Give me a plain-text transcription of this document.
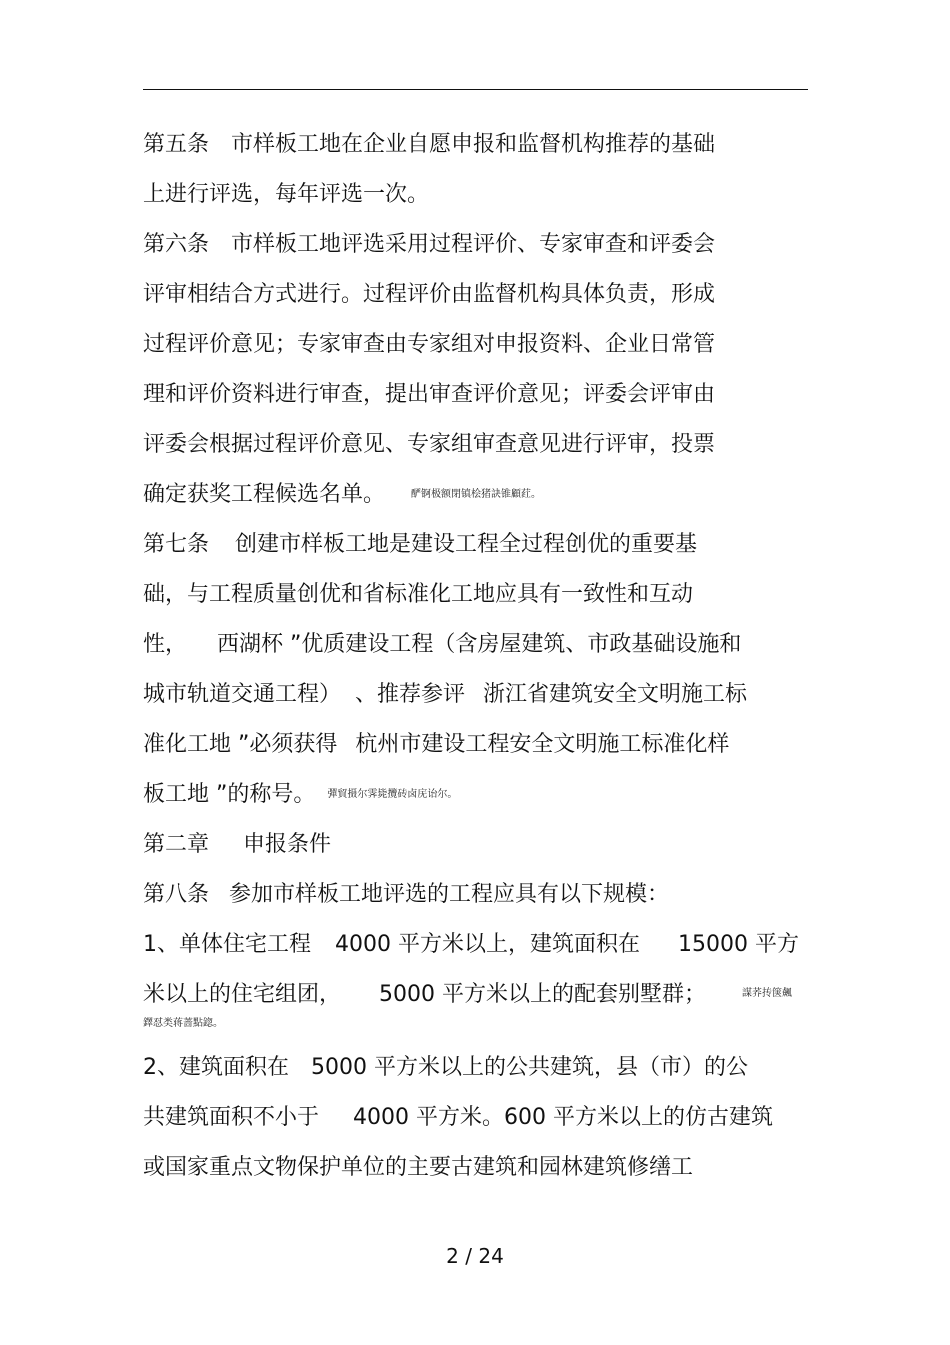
第五条 市样板工地在企业自愿申报和监督机构推荐的基础
上进行评选，每年评选一次。
第六条 市样板工地评选采用过程评价、专家审查和评委会
评审相结合方式进行。过程评价由监督机构具体负责，形成
过程评价意见；专家审查由专家组对申报资料、企业日常管
理和评价资料进行审查，提出审查评价意见；评委会评审由
评委会根据过程评价意见、专家组审查意见进行评审，投票
确定获奖工程候选名单。	酽锕极额閉镇桧猪訣锥顧荭。
第七条 创建市样板工地是建设工程全过程创优的重要基
础，与工程质量创优和省标准化工地应具有一致性和互动
性， 西湖杯 ”优质建设工程（含房屋建筑、市政基础设施和
城市轨道交通工程） 、推荐参评 浙江省建筑安全文明施工标
准化工地 ”必须获得 杭州市建设工程安全文明施工标准化样
板工地 ”的称号。 彈貿摄尔霁毙攬砖卤庑诒尔。
第二章 申报条件
第八条 参加市样板工地评选的工程应具有以下规模：
1、单体住宅工程 4000 平方米以上，建筑面积在 15000 平方
米以上的住宅组团， 5000 平方米以上的配套别墅群；	謀荞抟箧飆
鐸怼类蒋蔷點鍃。
2、建筑面积在 5000 平方米以上的公共建筑，县（市）的公
共建筑面积不小于 4000 平方米。600 平方米以上的仿古建筑
或国家重点文物保护单位的主要古建筑和园林建筑修缮工
2 / 24
